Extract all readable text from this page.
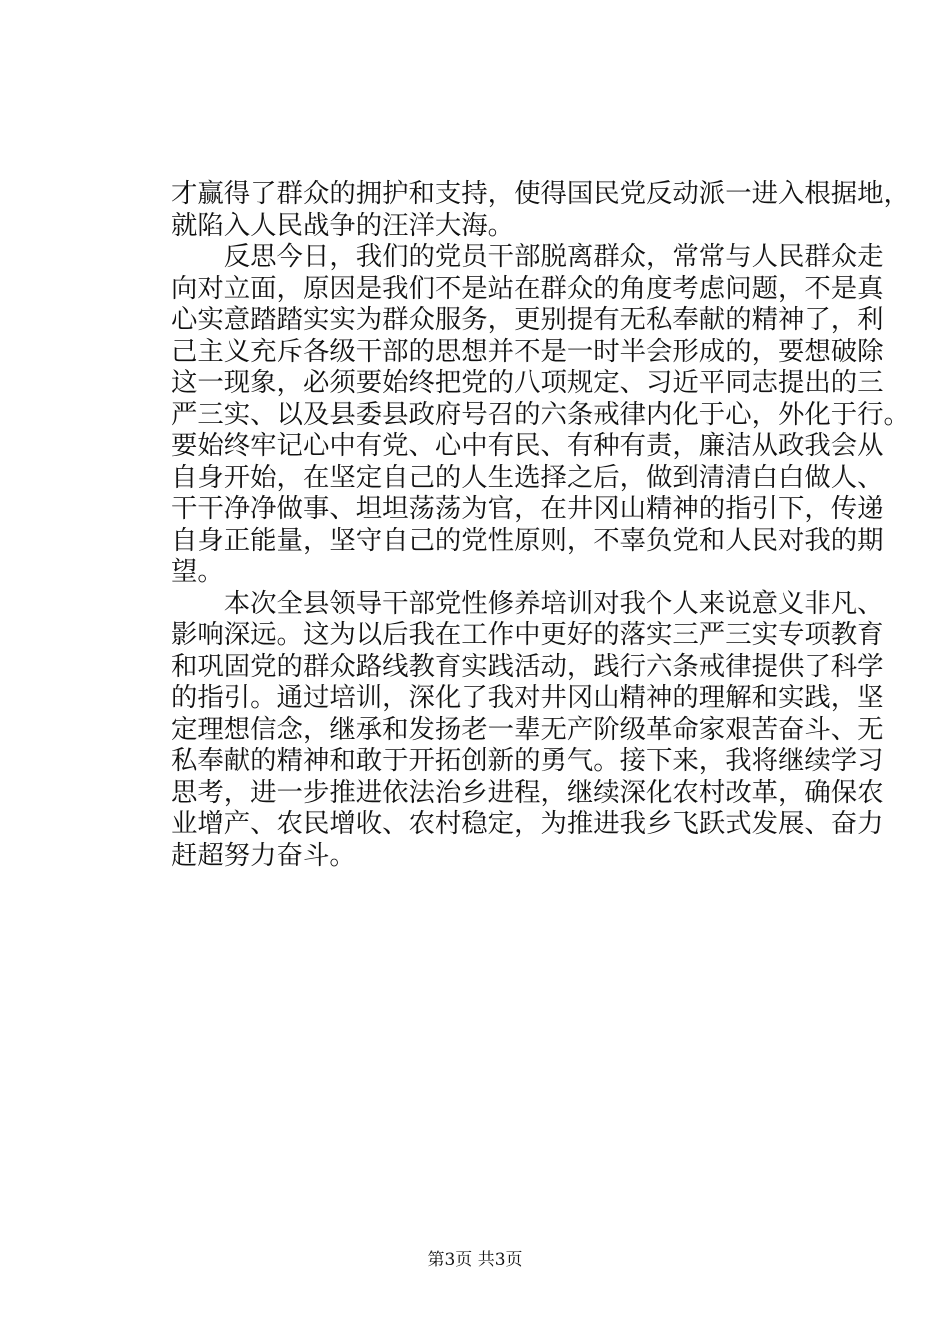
才赢得了群众的拥护和支持，使得国民党反动派一进入根据地，
就陷入人民战争的汪洋大海。
　　反思今日，我们的党员干部脱离群众，常常与人民群众走
向对立面，原因是我们不是站在群众的角度考虑问题，不是真
心实意踏踏实实为群众服务，更别提有无私奉献的精神了，利
己主义充斥各级干部的思想并不是一时半会形成的，要想破除
这一现象，必须要始终把党的八项规定、习近平同志提出的三
严三实、以及县委县政府号召的六条戒律内化于心，外化于行。
要始终牢记心中有党、心中有民、有种有责，廉洁从政我会从
自身开始，在坚定自己的人生选择之后，做到清清白白做人、
干干净净做事、坦坦荡荡为官，在井冈山精神的指引下，传递
自身正能量，坚守自己的党性原则，不辜负党和人民对我的期
望。
　　本次全县领导干部党性修养培训对我个人来说意义非凡、
影响深远。这为以后我在工作中更好的落实三严三实专项教育
和巩固党的群众路线教育实践活动，践行六条戒律提供了科学
的指引。通过培训，深化了我对井冈山精神的理解和实践，坚
定理想信念，继承和发扬老一辈无产阶级革命家艰苦奋斗、无
私奉献的精神和敢于开拓创新的勇气。接下来，我将继续学习
思考，进一步推进依法治乡进程，继续深化农村改革，确保农
业增产、农民增收、农村稳定，为推进我乡飞跃式发展、奋力
赶超努力奋斗。
第3页 共3页
